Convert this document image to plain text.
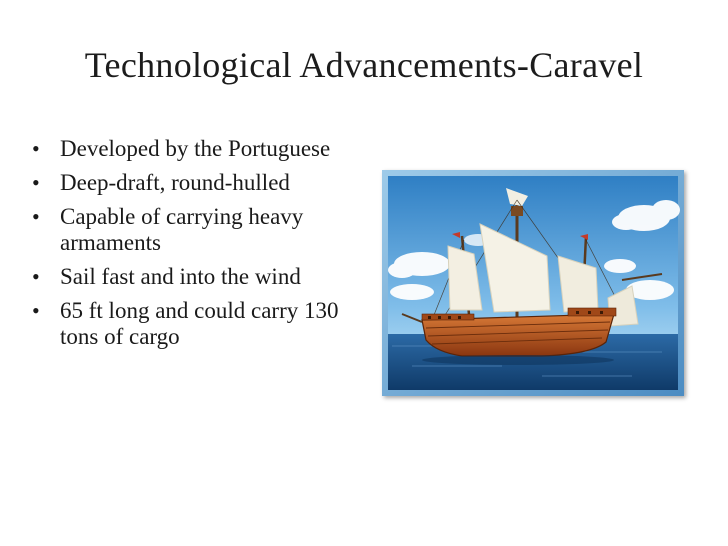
Technological Advancements-Caravel
• Developed by the Portuguese
• Deep-draft, round-hulled
• Capable of carrying heavy armaments
• Sail fast and into the wind
• 65 ft long and could carry 130 tons of cargo
